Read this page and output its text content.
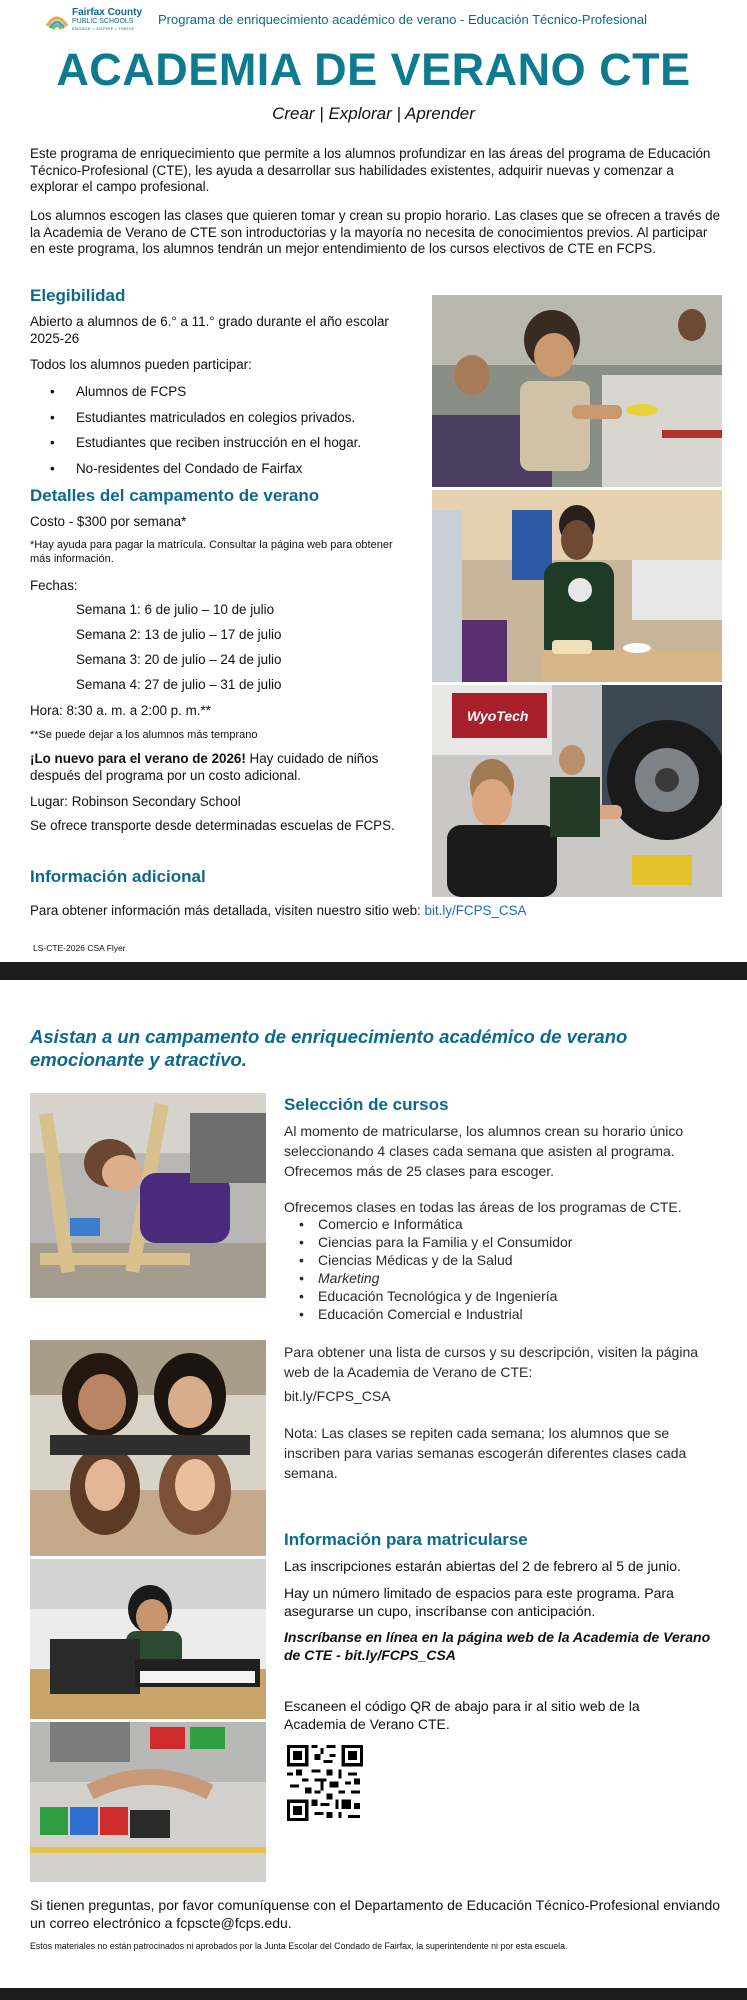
Fairfax County
PUBLIC SCHOOLS
ENGAGE • INSPIRE • THRIVE
Programa de enriquecimiento académico de verano - Educación Técnico-Profesional
ACADEMIA DE VERANO CTE
Crear | Explorar | Aprender
Este programa de enriquecimiento que permite a los alumnos profundizar en las áreas del programa de Educación Técnico-Profesional (CTE), les ayuda a desarrollar sus habilidades existentes, adquirir nuevas y comenzar a explorar el campo profesional.
Los alumnos escogen las clases que quieren tomar y crean su propio horario. Las clases que se ofrecen a través de la Academia de Verano de CTE son introductorias y la mayoría no necesita de conocimientos previos. Al participar en este programa, los alumnos tendrán un mejor entendimiento de los cursos electivos de CTE en FCPS.
Elegibilidad
Abierto a alumnos de 6.° a 11.° grado durante el año escolar 2025-26
Todos los alumnos pueden participar:
• Alumnos de FCPS
• Estudiantes matriculados en colegios privados.
• Estudiantes que reciben instrucción en el hogar.
• No-residentes del Condado de Fairfax
Detalles del campamento de verano
Costo - $300 por semana*
*Hay ayuda para pagar la matrícula. Consultar la página web para obtener más información.
Fechas:
Semana 1: 6 de julio – 10 de julio
Semana 2: 13 de julio – 17 de julio
Semana 3: 20 de julio – 24 de julio
Semana 4: 27 de julio – 31 de julio
Hora: 8:30 a. m. a 2:00 p. m.**
**Se puede dejar a los alumnos más temprano
¡Lo nuevo para el verano de 2026! Hay cuidado de niños después del programa por un costo adicional.
Lugar: Robinson Secondary School
Se ofrece transporte desde determinadas escuelas de FCPS.
Información adicional
Para obtener información más detallada, visiten nuestro sitio web: bit.ly/FCPS_CSA
LS-CTE-2026 CSA Flyer
WyoTech
Asistan a un campamento de enriquecimiento académico de verano emocionante y atractivo.
Selección de cursos
Al momento de matricularse, los alumnos crean su horario único seleccionando 4 clases cada semana que asisten al programa. Ofrecemos más de 25 clases para escoger.
Ofrecemos clases en todas las áreas de los programas de CTE.
• Comercio e Informática
• Ciencias para la Familia y el Consumidor
• Ciencias Médicas y de la Salud
• Marketing
• Educación Tecnológica y de Ingeniería
• Educación Comercial e Industrial
Para obtener una lista de cursos y su descripción, visiten la página web de la Academia de Verano de CTE:
bit.ly/FCPS_CSA
Nota: Las clases se repiten cada semana; los alumnos que se inscriben para varias semanas escogerán diferentes clases cada semana.
Información para matricularse
Las inscripciones estarán abiertas del 2 de febrero al 5 de junio.
Hay un número limitado de espacios para este programa. Para asegurarse un cupo, inscríbanse con anticipación.
Inscríbanse en línea en la página web de la Academia de Verano de CTE - bit.ly/FCPS_CSA
Escaneen el código QR de abajo para ir al sitio web de la Academia de Verano CTE.
Si tienen preguntas, por favor comuníquense con el Departamento de Educación Técnico-Profesional enviando un correo electrónico a fcpscte@fcps.edu.
Estos materiales no están patrocinados ni aprobados por la Junta Escolar del Condado de Fairfax, la superintendente ni por esta escuela.
